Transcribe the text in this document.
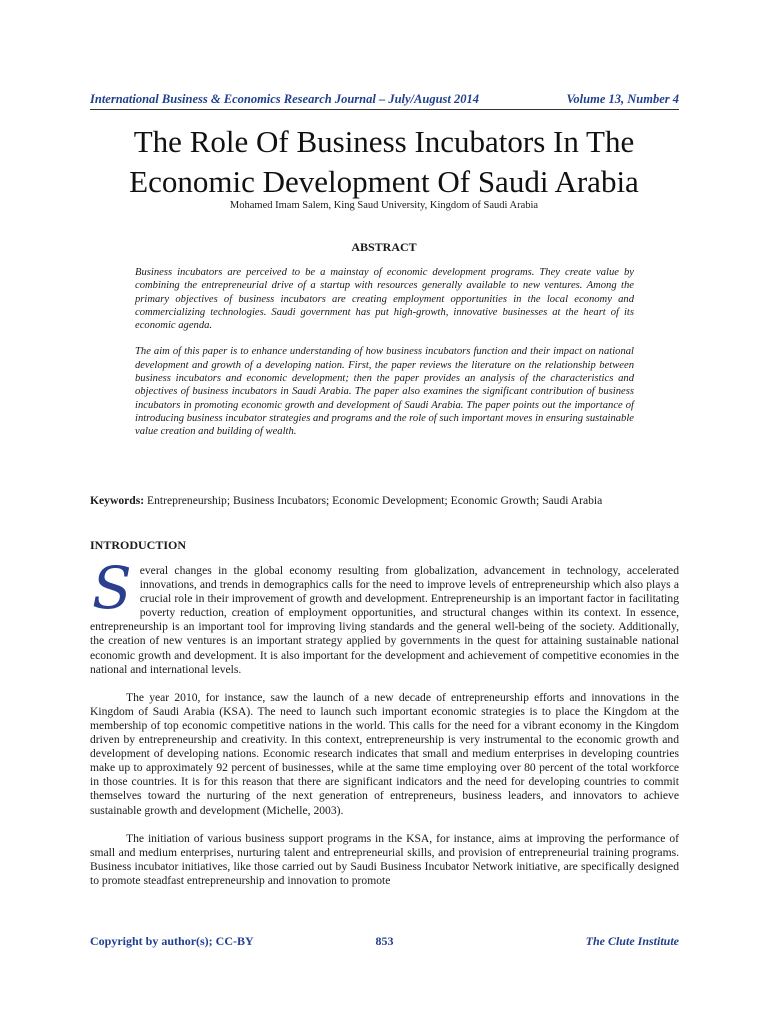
International Business & Economics Research Journal – July/August 2014	Volume 13, Number 4
The Role Of Business Incubators In The
Economic Development Of Saudi Arabia
Mohamed Imam Salem, King Saud University, Kingdom of Saudi Arabia
ABSTRACT

Business incubators are perceived to be a mainstay of economic development programs. They create value by combining the entrepreneurial drive of a startup with resources generally available to new ventures. Among the primary objectives of business incubators are creating employment opportunities in the local economy and commercializing technologies. Saudi government has put high-growth, innovative businesses at the heart of its economic agenda.

The aim of this paper is to enhance understanding of how business incubators function and their impact on national development and growth of a developing nation. First, the paper reviews the literature on the relationship between business incubators and economic development; then the paper provides an analysis of the characteristics and objectives of business incubators in Saudi Arabia. The paper also examines the significant contribution of business incubators in promoting economic growth and development of Saudi Arabia. The paper points out the importance of introducing business incubator strategies and programs and the role of such important moves in ensuring sustainable value creation and building of wealth.

Keywords: Entrepreneurship; Business Incubators; Economic Development; Economic Growth; Saudi Arabia
INTRODUCTION

Several changes in the global economy resulting from globalization, advancement in technology, accelerated innovations, and trends in demographics calls for the need to improve levels of entrepreneurship which also plays a crucial role in their improvement of growth and development. Entrepreneurship is an important factor in facilitating poverty reduction, creation of employment opportunities, and structural changes within its context. In essence, entrepreneurship is an important tool for improving living standards and the general well-being of the society. Additionally, the creation of new ventures is an important strategy applied by governments in the quest for attaining sustainable national economic growth and development. It is also important for the development and achievement of competitive economies in the national and international levels.

The year 2010, for instance, saw the launch of a new decade of entrepreneurship efforts and innovations in the Kingdom of Saudi Arabia (KSA). The need to launch such important economic strategies is to place the Kingdom at the membership of top economic competitive nations in the world. This calls for the need for a vibrant economy in the Kingdom driven by entrepreneurship and creativity. In this context, entrepreneurship is very instrumental to the economic growth and development of developing nations. Economic research indicates that small and medium enterprises in developing countries make up to approximately 92 percent of businesses, while at the same time employing over 80 percent of the total workforce in those countries. It is for this reason that there are significant indicators and the need for developing countries to commit themselves toward the nurturing of the next generation of entrepreneurs, business leaders, and innovators to achieve sustainable growth and development (Michelle, 2003).

The initiation of various business support programs in the KSA, for instance, aims at improving the performance of small and medium enterprises, nurturing talent and entrepreneurial skills, and provision of entrepreneurial training programs. Business incubator initiatives, like those carried out by Saudi Business Incubator Network initiative, are specifically designed to promote steadfast entrepreneurship and innovation to promote

Copyright by author(s); CC-BY	853	The Clute Institute
